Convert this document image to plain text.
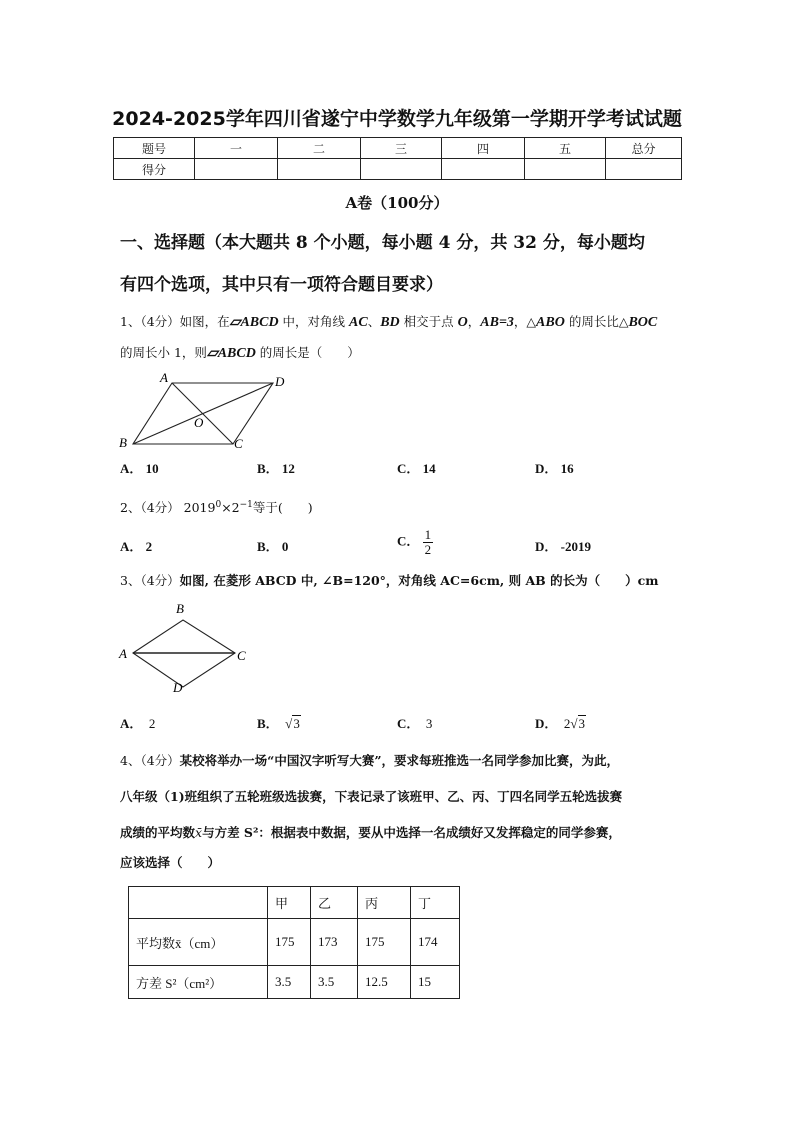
2024-2025学年四川省遂宁中学数学九年级第一学期开学考试试题
题号	一	二	三	四	五	总分
得分						
A卷（100分）
一、选择题（本大题共 8 个小题，每小题 4 分，共 32 分，每小题均
有四个选项，其中只有一项符合题目要求）
1、（4分）如图，在▱ABCD 中，对角线 AC、BD 相交于点 O，AB=3，△ABO 的周长比△BOC
的周长小 1，则▱ABCD 的周长是（　　）
A	D
B	C
O
A． 10	B． 12	C． 14	D． 16
2、（4分） $2019^0\times 2^{-1}$等于(　　)
A． 2	B． 0	C． $\frac{1}{2}$	D． -2019
3、（4分）如图, 在菱形 ABCD 中, ∠B=120°，对角线 AC=6cm, 则 AB 的长为（　　）cm
B
A	C
D
A． 2	B． √3	C． 3	D． 2√3
4、（4分）某校将举办一场“中国汉字听写大赛”，要求每班推选一名同学参加比赛，为此，
八年级（1)班组织了五轮班级选拔赛，下表记录了该班甲、乙、丙、丁四名同学五轮选拔赛
成绩的平均数x̄与方差 S²：根据表中数据，要从中选择一名成绩好又发挥稳定的同学参赛，
应该选择（　　）
	甲	乙	丙	丁
平均数x̄（cm）	175	173	175	174
方差 S²（cm²）	3.5	3.5	12.5	15
